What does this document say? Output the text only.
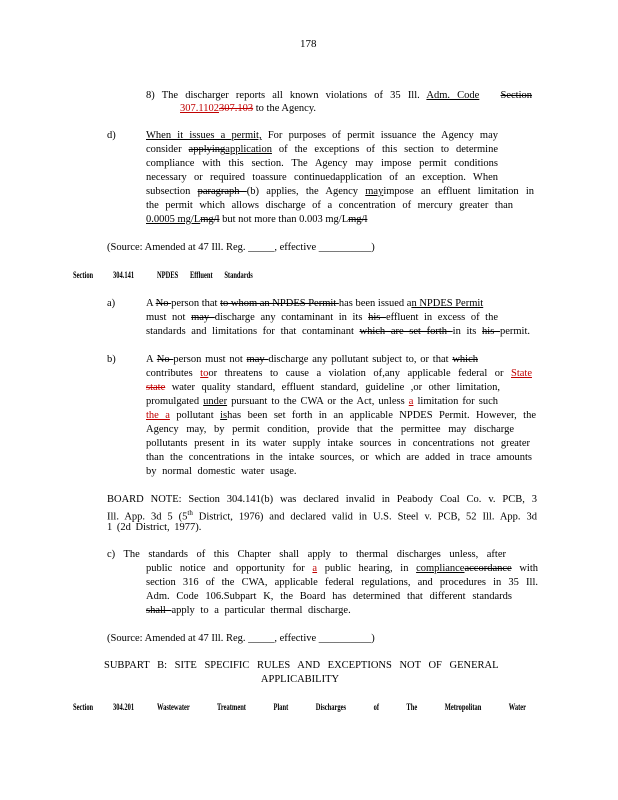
178
8) The discharger reports all known violations of 35 Ill. Adm. Code Section
307.1102307.103 to the Agency.
d)	When it issues a permit, For purposes of permit issuance the Agency may
consider applyingapplication of the exceptions of this section to determine
compliance with this section. The Agency may impose permit conditions
necessary or required toassure continuedapplication of an exception. When
subsection paragraph (b) applies, the Agency mayimpose an effluent limitation in
the permit which allows discharge of a concentration of mercury greater than
0.0005 mg/Lmg/l but not more than 0.003 mg/Lmg/l
(Source: Amended at 47 Ill. Reg. _____, effective __________)
Section 304.141	NPDES Effluent Standards
a)	A No person that to whom an NPDES Permit has been issued an NPDES Permit
must not may discharge any contaminant in its his effluent in excess of the
standards and limitations for that contaminant which are set forth in its his permit.
b)	A No person must not may discharge any pollutant subject to, or that which
contributes toor threatens to cause a violation of,any applicable federal or State
state water quality standard, effluent standard, guideline ,or other limitation,
promulgated under pursuant to the CWA or the Act, unless a limitation for such
the a pollutant ishas been set forth in an applicable NPDES Permit. However, the
Agency may, by permit condition, provide that the permittee may discharge
pollutants present in its water supply intake sources in concentrations not greater
than the concentrations in the intake sources, or which are added in trace amounts
by normal domestic water usage.
BOARD NOTE: Section 304.141(b) was declared invalid in Peabody Coal Co. v. PCB, 3
Ill. App. 3d 5 (5th District, 1976) and declared valid in U.S. Steel v. PCB, 52 Ill. App. 3d
1 (2d District, 1977).
c) The standards of this Chapter shall apply to thermal discharges unless, after
public notice and opportunity for a public hearing, in complianceaccordance with
section 316 of the CWA, applicable federal regulations, and procedures in 35 Ill.
Adm. Code 106.Subpart K, the Board has determined that different standards
shall apply to a particular thermal discharge.
(Source: Amended at 47 Ill. Reg. _____, effective __________)
SUBPART B: SITE SPECIFIC RULES AND EXCEPTIONS NOT OF GENERAL
APPLICABILITY
Section 304.201	Wastewater Treatment Plant Discharges of The Metropolitan Water
